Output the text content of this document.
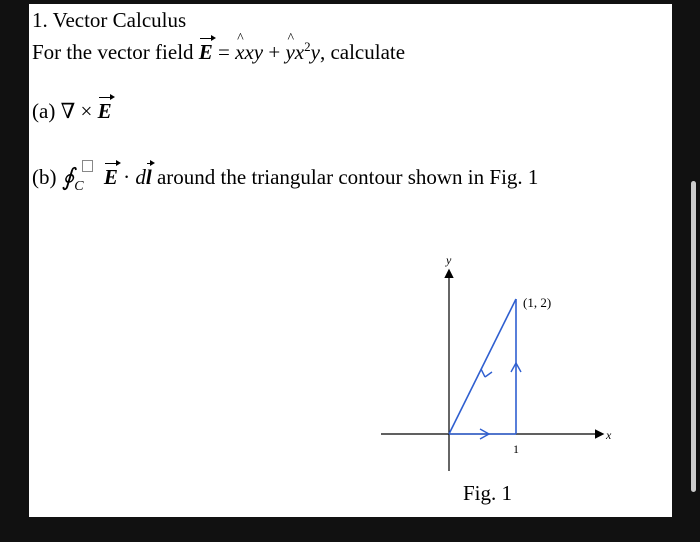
1. Vector Calculus
For the vector field E = ^ xxy + ^ $yx^2y$, calculate
(a) ∇ × E
(b) $∮_C$ E · dl around the triangular contour shown in Fig. 1
y
x
(1, 2)
1
Fig. 1
